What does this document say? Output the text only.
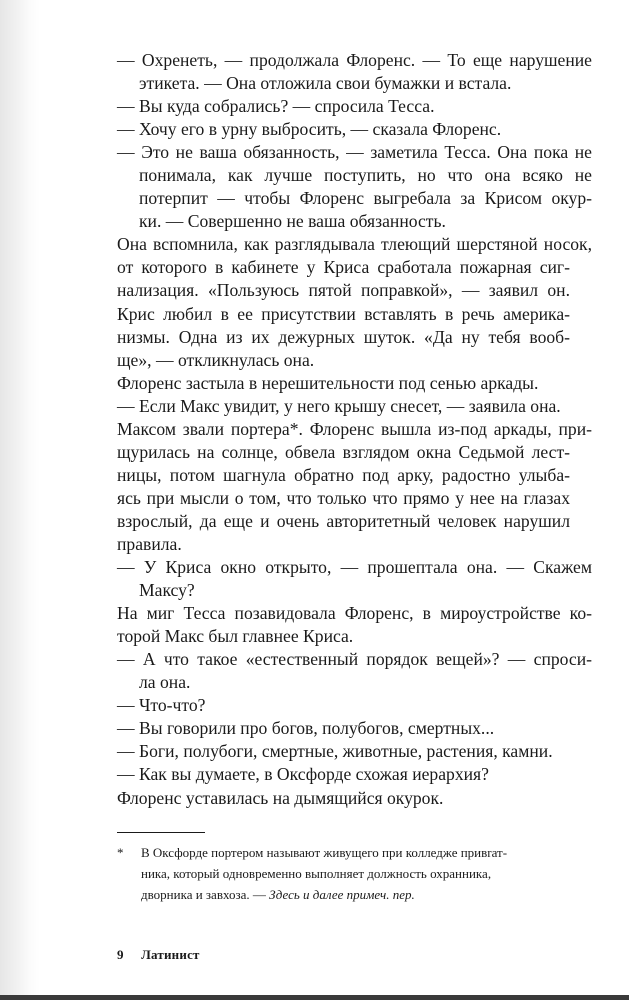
— Охренеть, — продолжала Флоренс. — То еще нарушение
этикета. — Она отложила свои бумажки и встала.
— Вы куда собрались? — спросила Тесса.
— Хочу его в урну выбросить, — сказала Флоренс.
— Это не ваша обязанность, — заметила Тесса. Она пока не
понимала, как лучше поступить, но что она всяко не
потерпит — чтобы Флоренс выгребала за Крисом окур-
ки. — Совершенно не ваша обязанность.
Она вспомнила, как разглядывала тлеющий шерстяной носок,
от которого в кабинете у Криса сработала пожарная сиг-
нализация. «Пользуюсь пятой поправкой», — заявил он.
Крис любил в ее присутствии вставлять в речь америка-
низмы. Одна из их дежурных шуток. «Да ну тебя вооб-
ще», — откликнулась она.
Флоренс застыла в нерешительности под сенью аркады.
— Если Макс увидит, у него крышу снесет, — заявила она.
Максом звали портера*. Флоренс вышла из-под аркады, при-
щурилась на солнце, обвела взглядом окна Седьмой лест-
ницы, потом шагнула обратно под арку, радостно улыба-
ясь при мысли о том, что только что прямо у нее на глазах
взрослый, да еще и очень авторитетный человек нарушил
правила.
— У Криса окно открыто, — прошептала она. — Скажем
Максу?
На миг Тесса позавидовала Флоренс, в мироустройстве ко-
торой Макс был главнее Криса.
— А что такое «естественный порядок вещей»? — спроси-
ла она.
— Что-что?
— Вы говорили про богов, полубогов, смертных...
— Боги, полубоги, смертные, животные, растения, камни.
— Как вы думаете, в Оксфорде схожая иерархия?
Флоренс уставилась на дымящийся окурок.
*	В Оксфорде портером называют живущего при колледже привrат-
ника, который одновременно выполняет должность охранника,
дворника и завхоза. — Здесь и далее примеч. пер.
9 Латинист
